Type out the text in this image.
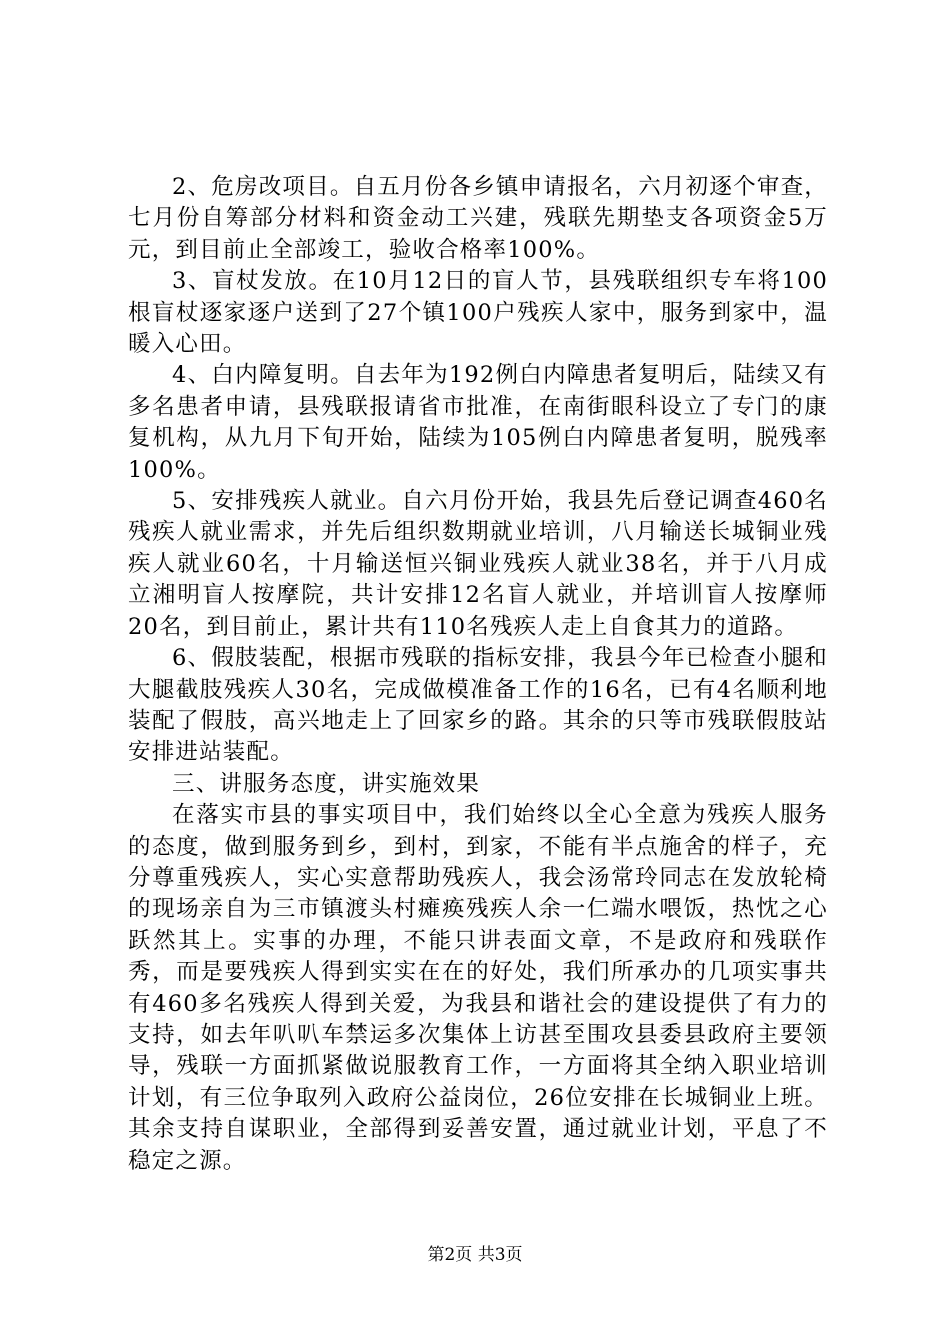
2、危房改项目。自五月份各乡镇申请报名，六月初逐个审查，七月份自筹部分材料和资金动工兴建，残联先期垫支各项资金5万元，到目前止全部竣工，验收合格率100%。

3、盲杖发放。在10月12日的盲人节，县残联组织专车将100根盲杖逐家逐户送到了27个镇100户残疾人家中，服务到家中，温暖入心田。

4、白内障复明。自去年为192例白内障患者复明后，陆续又有多名患者申请，县残联报请省市批准，在南街眼科设立了专门的康复机构，从九月下旬开始，陆续为105例白内障患者复明，脱残率100%。

5、安排残疾人就业。自六月份开始，我县先后登记调查460名残疾人就业需求，并先后组织数期就业培训，八月输送长城铜业残疾人就业60名，十月输送恒兴铜业残疾人就业38名，并于八月成立湘明盲人按摩院，共计安排12名盲人就业，并培训盲人按摩师20名，到目前止，累计共有110名残疾人走上自食其力的道路。

6、假肢装配，根据市残联的指标安排，我县今年已检查小腿和大腿截肢残疾人30名，完成做模准备工作的16名，已有4名顺利地装配了假肢，高兴地走上了回家乡的路。其余的只等市残联假肢站安排进站装配。

三、讲服务态度，讲实施效果

在落实市县的事实项目中，我们始终以全心全意为残疾人服务的态度，做到服务到乡，到村，到家，不能有半点施舍的样子，充分尊重残疾人，实心实意帮助残疾人，我会汤常玲同志在发放轮椅的现场亲自为三市镇渡头村瘫痪残疾人余一仁端水喂饭，热忱之心跃然其上。实事的办理，不能只讲表面文章，不是政府和残联作秀，而是要残疾人得到实实在在的好处，我们所承办的几项实事共有460多名残疾人得到关爱，为我县和谐社会的建设提供了有力的支持，如去年叭叭车禁运多次集体上访甚至围攻县委县政府主要领导，残联一方面抓紧做说服教育工作，一方面将其全纳入职业培训计划，有三位争取列入政府公益岗位，26位安排在长城铜业上班。其余支持自谋职业，全部得到妥善安置，通过就业计划，平息了不稳定之源。

第2页 共3页
